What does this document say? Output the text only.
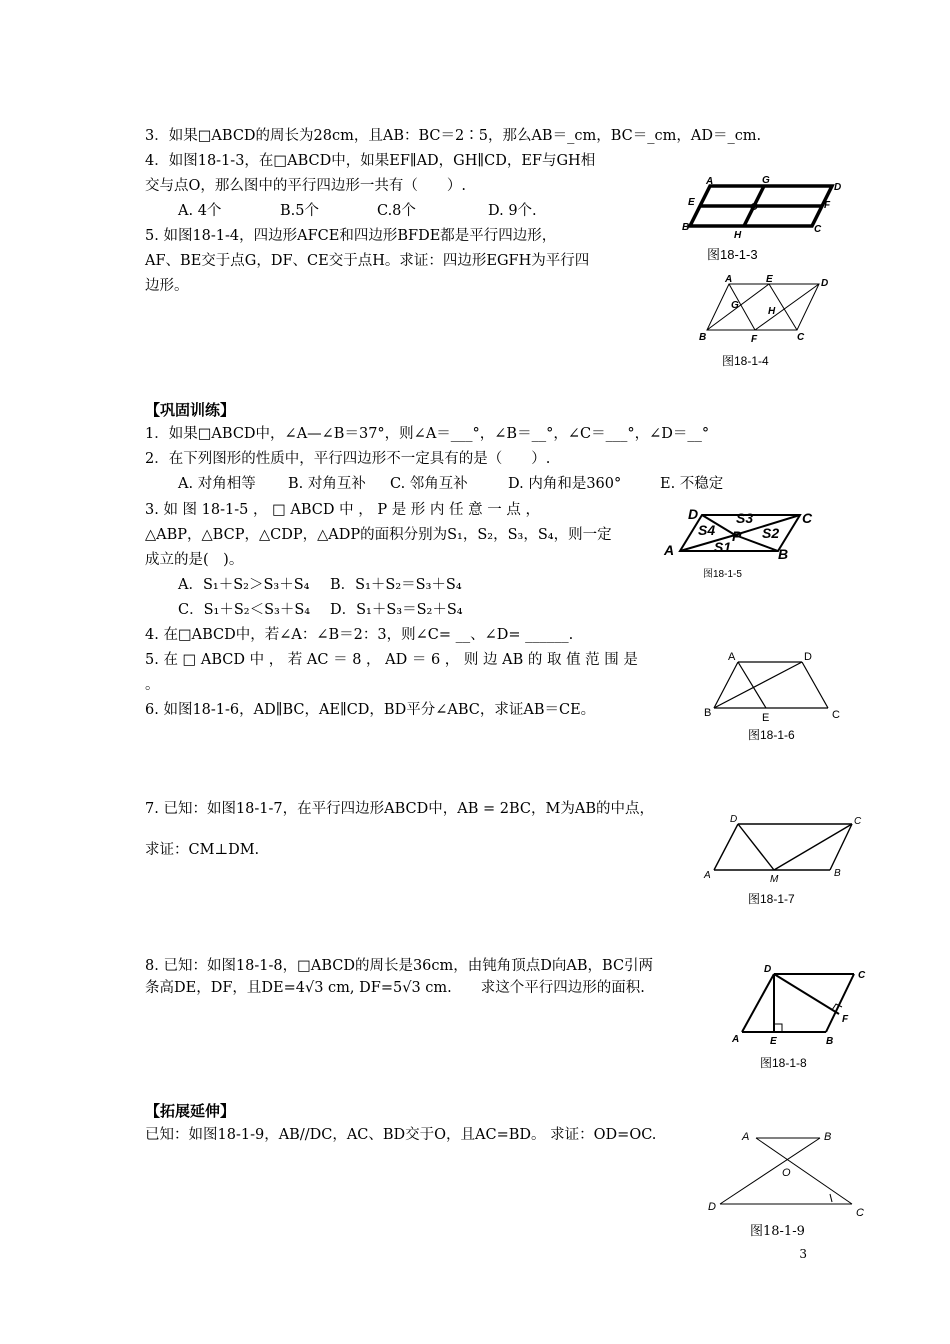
3．如果□ABCD的周长为28cm，且AB：BC＝2∶5，那么AB＝_cm，BC＝_cm，AD＝_cm.
4．如图18-1-3，在□ABCD中，如果EF∥AD，GH∥CD，EF与GH相
交与点O，那么图中的平行四边形一共有（　　）.
A. 4个	B.5个	C.8个	D. 9个.
5. 如图18-1-4，四边形AFCE和四边形BFDE都是平行四边形，
AF、BE交于点G，DF、CE交于点H。求证：四边形EGFH为平行四
边形。
A	G
D
E	O	F
B
H
C
图18-1-3
A	E	D
G
H
B	F	C
图18-1-4
【巩固训练】
1．如果□ABCD中，∠A—∠B＝37°，则∠A＝___°，∠B＝__°，∠C＝___°，∠D＝__°
2．在下列图形的性质中，平行四边形不一定具有的是（　　）.
A. 对角相等 B. 对角互补 C. 邻角互补	D. 内角和是360°	E. 不稳定
3. 如 图 18-1-5 ， □ ABCD 中 ， P 是 形 内 任 意 一 点 ，
△ABP，△BCP，△CDP，△ADP的面积分别为S₁，S₂，S₃，S₄，则一定
成立的是(　)。
A．S₁＋S₂＞S₃＋S₄ B．S₁＋S₂＝S₃＋S₄
C．S₁＋S₂＜S₃＋S₄ D．S₁＋S₃＝S₂＋S₄
4. 在□ABCD中，若∠A：∠B＝2：3，则∠C= __、∠D= ______.
5. 在 □ ABCD 中 ， 若 AC ＝ 8 ， AD ＝ 6 ， 则 边 AB 的 取 值 范 围 是
。
6. 如图18-1-6，AD∥BC，AE∥CD，BD平分∠ABC，求证AB＝CE。
D	S3	C
S4 P S2
A	S1	B
图18-1-5
A	D
B	E	C
图18-1-6
7. 已知：如图18-1-7，在平行四边形ABCD中，AB = 2BC，M为AB的中点，
求证：CM⊥DM.
D	C
A	M
B
图18-1-7
8. 已知：如图18-1-8，□ABCD的周长是36cm，由钝角顶点D向AB，BC引两
条高DE，DF，且DE=4√3 cm, DF=5√3 cm.　　求这个平行四边形的面积.
D
C
F
A	E	B
图18-1-8
【拓展延伸】
已知：如图18-1-9，AB//DC，AC、BD交于O，且AC=BD。 求证：OD=OC.	A	B
O
D	C
图18-1-9
3
